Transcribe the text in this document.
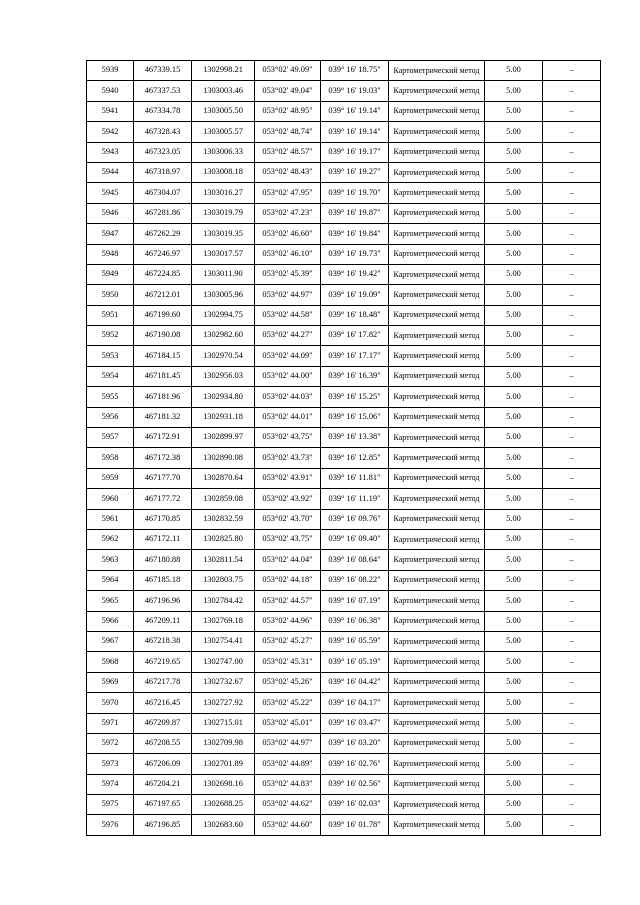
5939	467339.15	1302998.21	053°02' 49.09"	039° 16' 18.75"	Картометрический метод	5.00	–
5940	467337.53	1303003.46	053°02' 49.04"	039° 16' 19.03"	Картометрический метод	5.00	–
5941	467334.78	1303005.50	053°02' 48.95"	039° 16' 19.14"	Картометрический метод	5.00	–
5942	467328.43	1303005.57	053°02' 48.74"	039° 16' 19.14"	Картометрический метод	5.00	–
5943	467323.05	1303006.33	053°02' 48.57"	039° 16' 19.17"	Картометрический метод	5.00	–
5944	467318.97	1303008.18	053°02' 48.43"	039° 16' 19.27"	Картометрический метод	5.00	–
5945	467304.07	1303016.27	053°02' 47.95"	039° 16' 19.70"	Картометрический метод	5.00	–
5946	467281.86	1303019.79	053°02' 47.23"	039° 16' 19.87"	Картометрический метод	5.00	–
5947	467262.29	1303019.35	053°02' 46.60"	039° 16' 19.84"	Картометрический метод	5.00	–
5948	467246.97	1303017.57	053°02' 46.10"	039° 16' 19.73"	Картометрический метод	5.00	–
5949	467224.85	1303011.90	053°02' 45.39"	039° 16' 19.42"	Картометрический метод	5.00	–
5950	467212.01	1303005.96	053°02' 44.97"	039° 16' 19.09"	Картометрический метод	5.00	–
5951	467199.60	1302994.75	053°02' 44.58"	039° 16' 18.48"	Картометрический метод	5.00	–
5952	467190.08	1302982.60	053°02' 44.27"	039° 16' 17.82"	Картометрический метод	5.00	–
5953	467184.15	1302970.54	053°02' 44.09"	039° 16' 17.17"	Картометрический метод	5.00	–
5954	467181.45	1302956.03	053°02' 44.00"	039° 16' 16.39"	Картометрический метод	5.00	–
5955	467181.96	1302934.80	053°02' 44.03"	039° 16' 15.25"	Картометрический метод	5.00	–
5956	467181.32	1302931.18	053°02' 44.01"	039° 16' 15.06"	Картометрический метод	5.00	–
5957	467172.91	1302899.97	053°02' 43.75"	039° 16' 13.38"	Картометрический метод	5.00	–
5958	467172.38	1302890.08	053°02' 43.73"	039° 16' 12.85"	Картометрический метод	5.00	–
5959	467177.70	1302870.64	053°02' 43.91"	039° 16' 11.81"	Картометрический метод	5.00	–
5960	467177.72	1302859.08	053°02' 43.92"	039° 16' 11.19"	Картометрический метод	5.00	–
5961	467170.85	1302832.59	053°02' 43.70"	039° 16' 09.76"	Картометрический метод	5.00	–
5962	467172.11	1302825.80	053°02' 43.75"	039° 16' 09.40"	Картометрический метод	5.00	–
5963	467180.88	1302811.54	053°02' 44.04"	039° 16' 08.64"	Картометрический метод	5.00	–
5964	467185.18	1302803.75	053°02' 44.18"	039° 16' 08.22"	Картометрический метод	5.00	–
5965	467196.96	1302784.42	053°02' 44.57"	039° 16' 07.19"	Картометрический метод	5.00	–
5966	467209.11	1302769.18	053°02' 44.96"	039° 16' 06.38"	Картометрический метод	5.00	–
5967	467218.38	1302754.41	053°02' 45.27"	039° 16' 05.59"	Картометрический метод	5.00	–
5968	467219.65	1302747.00	053°02' 45.31"	039° 16' 05.19"	Картометрический метод	5.00	–
5969	467217.78	1302732.67	053°02' 45.26"	039° 16' 04.42"	Картометрический метод	5.00	–
5970	467216.45	1302727.92	053°02' 45.22"	039° 16' 04.17"	Картометрический метод	5.00	–
5971	467209.87	1302715.01	053°02' 45.01"	039° 16' 03.47"	Картометрический метод	5.00	–
5972	467208.55	1302709.98	053°02' 44.97"	039° 16' 03.20"	Картометрический метод	5.00	–
5973	467206.09	1302701.89	053°02' 44.89"	039° 16' 02.76"	Картометрический метод	5.00	–
5974	467204.21	1302698.16	053°02' 44.83"	039° 16' 02.56"	Картометрический метод	5.00	–
5975	467197.65	1302688.25	053°02' 44.62"	039° 16' 02.03"	Картометрический метод	5.00	–
5976	467196.85	1302683.60	053°02' 44.60"	039° 16' 01.78"	Картометрический метод	5.00	–
